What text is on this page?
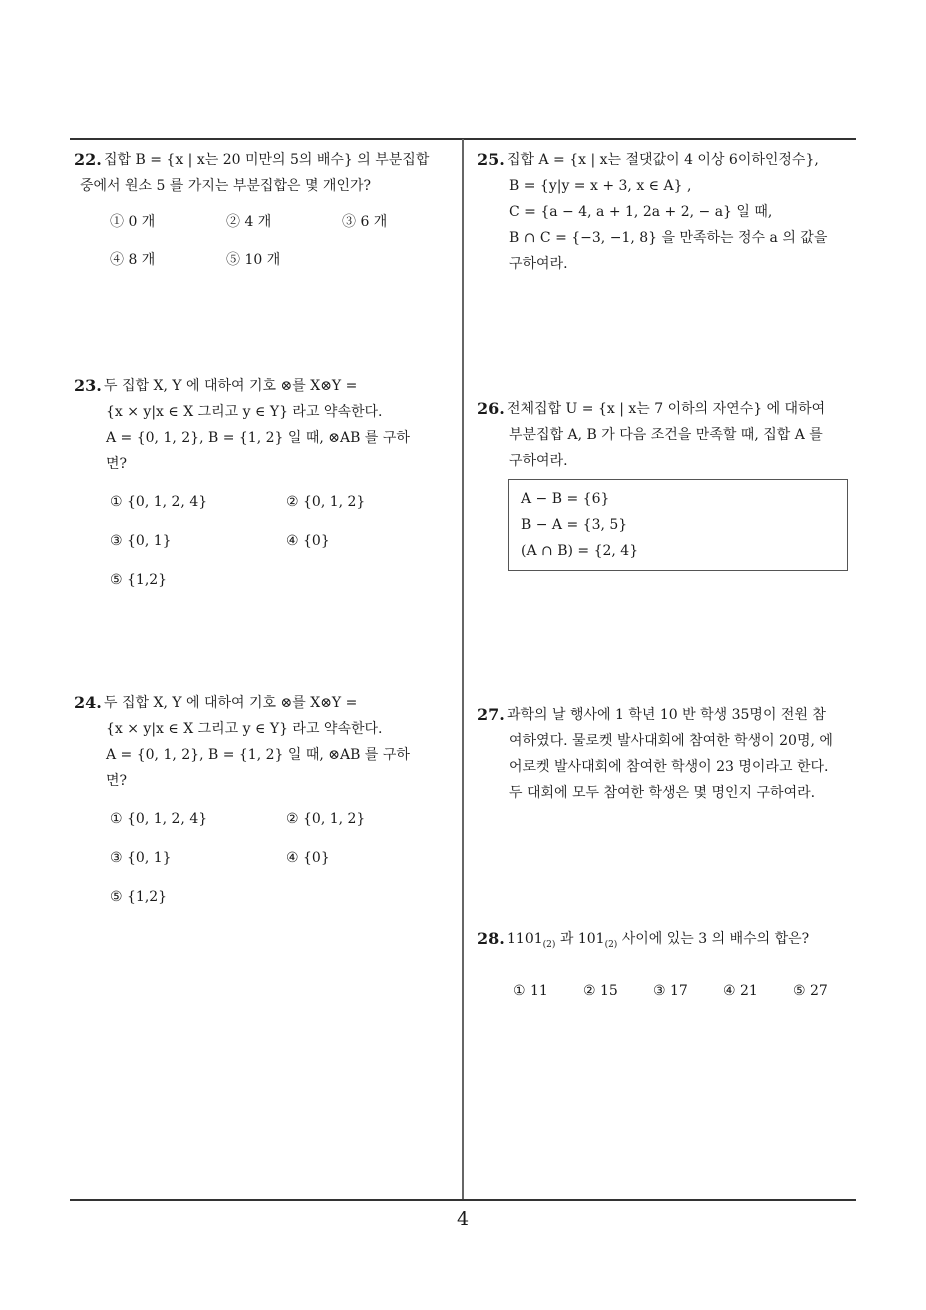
22. 집합 B = {x | x는 20 미만의 5의 배수} 의 부분집합
중에서 원소 5 를 가지는 부분집합은 몇 개인가?
① 0 개	② 4 개	③ 6 개
④ 8 개	⑤ 10 개
23. 두 집합 X, Y 에 대하여 기호 ⊗를 X⊗Y =
{x × y|x ∈ X 그리고 y ∈ Y} 라고 약속한다.
A = {0, 1, 2}, B = {1, 2} 일 때, ⊗AB 를 구하
면?
① {0, 1, 2, 4}	② {0, 1, 2}
③ {0, 1}	④ {0}
⑤ {1,2}
24. 두 집합 X, Y 에 대하여 기호 ⊗를 X⊗Y =
{x × y|x ∈ X 그리고 y ∈ Y} 라고 약속한다.
A = {0, 1, 2}, B = {1, 2} 일 때, ⊗AB 를 구하
면?
① {0, 1, 2, 4}	② {0, 1, 2}
③ {0, 1}	④ {0}
⑤ {1,2}
25. 집합 A = {x | x는 절댓값이 4 이상 6이하인정수},
B = {y|y = x + 3, x ∈ A} ,
C = {a − 4, a + 1, 2a + 2, − a} 일 때,
B ∩ C = {−3, −1, 8} 을 만족하는 정수 a 의 값을
구하여라.
26. 전체집합 U = {x | x는 7 이하의 자연수} 에 대하여
부분집합 A, B 가 다음 조건을 만족할 때, 집합 A 를
구하여라.
A − B = {6}
B − A = {3, 5}
(A ∩ B) = {2, 4}
27. 과학의 날 행사에 1 학년 10 반 학생 35명이 전원 참
여하였다. 물로켓 발사대회에 참여한 학생이 20명, 에
어로켓 발사대회에 참여한 학생이 23 명이라고 한다.
두 대회에 모두 참여한 학생은 몇 명인지 구하여라.
28. $1101_{(2)}$ 과 $101_{(2)}$ 사이에 있는 3 의 배수의 합은?
① 11	② 15	③ 17	④ 21	⑤ 27
4
